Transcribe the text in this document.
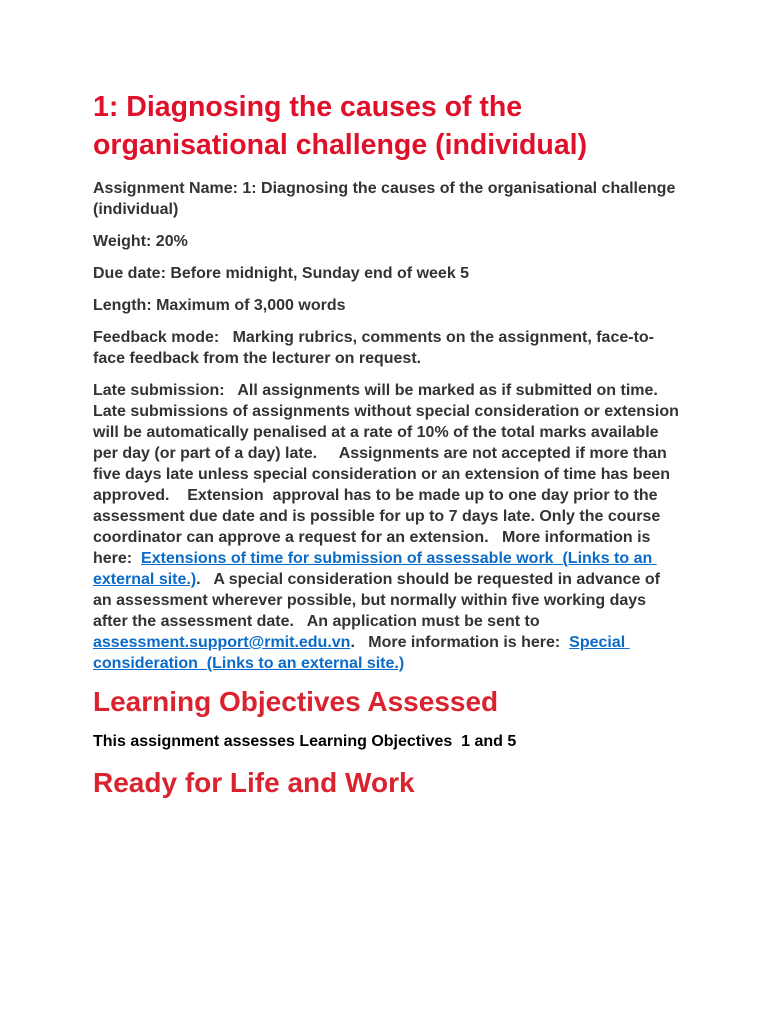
1: Diagnosing the causes of the organisational challenge (individual)

Assignment Name: 1: Diagnosing the causes of the organisational challenge (individual)

Weight: 20%

Due date: Before midnight, Sunday end of week 5

Length: Maximum of 3,000 words

Feedback mode:   Marking rubrics, comments on the assignment, face-to-face feedback from the lecturer on request.

Late submission:   All assignments will be marked as if submitted on time.   Late submissions of assignments without special consideration or extension will be automatically penalised at a rate of 10% of the total marks available per day (or part of a day) late.     Assignments are not accepted if more than five days late unless special consideration or an extension of time has been approved.    Extension  approval has to be made up to one day prior to the assessment due date and is possible for up to 7 days late. Only the course coordinator can approve a request for an extension.   More information is here:  Extensions of time for submission of assessable work  (Links to an external site.).   A special consideration should be requested in advance of an assessment wherever possible, but normally within five working days after the assessment date.   An application must be sent to  assessment.support@rmit.edu.vn.   More information is here:  Special consideration  (Links to an external site.)

Learning Objectives Assessed

This assignment assesses Learning Objectives  1 and 5

Ready for Life and Work
